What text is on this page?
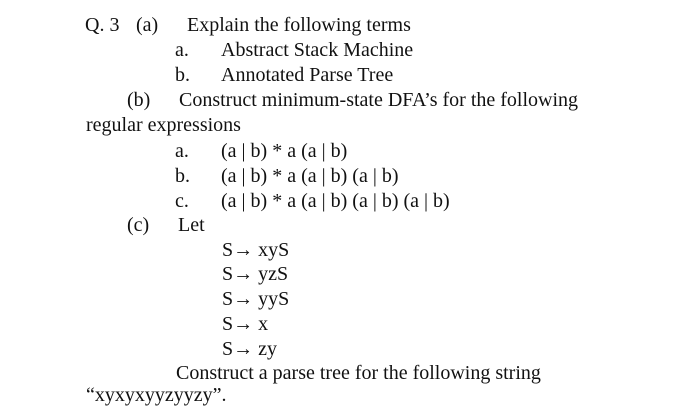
Q. 3 (a) Explain the following terms
a. Abstract Stack Machine
b. Annotated Parse Tree
(b) Construct minimum-state DFA’s for the following
regular expressions
a. (a | b) * a (a | b)
b. (a | b) * a (a | b) (a | b)
c. (a | b) * a (a | b) (a | b) (a | b)
(c) Let
S→ xyS
S→ yzS
S→ yyS
S→ x
S→ zy
Construct a parse tree for the following string
“xyxyxyyzyyzy”.
